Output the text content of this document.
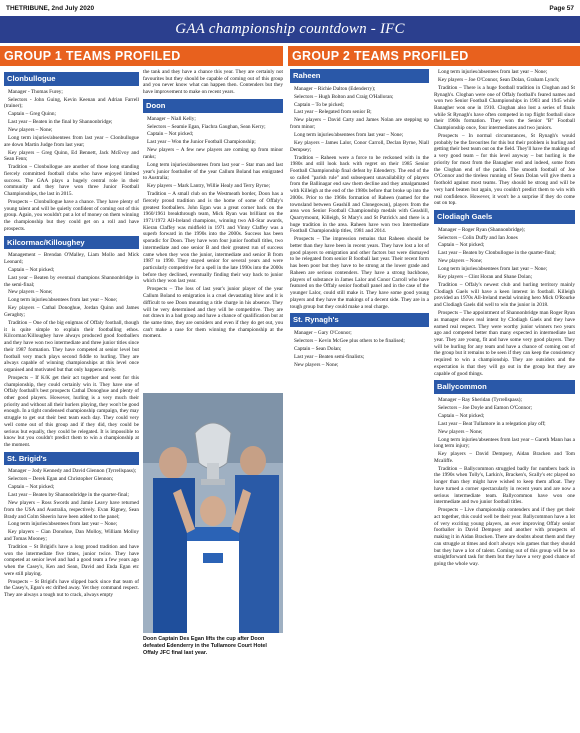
THETRIBUNE, 2nd July 2020	Page 57
GAA championship countdown - IFC
GROUP 1 TEAMS PROFILED	GROUP 2 TEAMS PROFILED
Clonbullogue

Manager - Thomas Furey;

Selectors - John Guing, Kevin Keenan and Adrian Farrell (trainer);

Captain – Greg Quinn;

Last year – Beaten in the final by Shannonbridge;

New players – None;

Long term injuries/absentees from last year – Clonbullogue are down Martin Judge from last year;

Key players – Greg Quinn, Ed Bennett, Jack McEvoy and Sean Fenn;

Tradition – Clonbullogue are another of those long standing fiercely committed football clubs who have enjoyed limited success. The GAA plays a hugely central role in their community and they have won three Junior Football Championships, the last in 2015.

Prospects – Clonbullogue have a chance. They have plenty of young talent and will be quietly confident of coming out of this group. Again, you wouldn't put a lot of money on them winning the championship but they could get on a roll and have prospects.

Kilcormac/Killoughey

Management – Brendan O'Malley, Liam Mollo and Mick Leonard;

Captain – Not picked;

Last year – Beaten by eventual champions Shannonbridge in the semi-final;

New players – None;

Long term injuries/absentees from last year – None;

Key players – Cathal Donoghue, Jordan Quinn and James Geraghty;

Tradition – One of the big enigmas of Offaly football, though it is quite simple to explain their footballing ethos. Kilcormac/Killoughey have always produced good footballers and they have won two intermediate and three junior titles since their 1987 formation. They have competed at senior level but football very much plays second fiddle to hurling. They are always capable of winning championships at this level once organised and motivated but that only happens rarely.

Prospects – If K/K get their act together and went for this championship, they could certainly win it. They have one of Offaly football's best prospects Cathal Donoghue and plenty of other good players. However, hurling is a very much their priority and without all their hurlers playing, they won't be good enough. In a tight condensed championship campaign, they may struggle to get out their best team each day. They could very well come out of this group and if they did, they could be serious but equally, they could be relegated. It is impossible to know but you couldn't predict them to win a championship at the moment.

St. Brigid's

Manager – Jody Kennedy and David Glennon (Tyrrellspass);

Selectors – Derek Egan and Christopher Glennon;

Captain – Not picked;

Last year – Beaten by Shannonbridge in the quarter-final;

New players – Ross Swords and Jamie Leavy have returned from the USA and Australia, respectively. Evan Rigney, Sean Brady and Colm Sheerin have been added to the panel;

Long term injuries/absentees from last year – None;

Key players – Cian Donohue, Dan Molloy, William Molloy and Tomas Mooney;

Tradition – St Brigid's have a long proud tradition and have won the intermediate five times, junior twice. They have competed at senior level and had a good team a few years ago when the Casey's, Ken and Sean, David and Enda Egan etc were still playing.

Prospects – St Brigid's have slipped back since that team of the Casey's, Egan's etc drifted away. Yet they command respect. They are always a tough nut to crack, always empty

the tank and they have a chance this year. They are certainly not favourites but they should be capable of coming out of this group and you never know what can happen then. Contenders but they have improvement to make on recent years.

Doon

Manager – Niall Kelly;

Selectors – Seamie Egan, Fiachra Gaughan, Sean Kerry;

Captain – Not picked;

Last year – Won the Junior Football Championship;

New players – A few new players are coming up from minor ranks;

Long term injuries/absentees from last year – Star man and last year's junior footballer of the year Callum Boland has emigrated to Australia;

Key players – Mark Lantry, Willie Healy and Terry Byrne;

Tradition – A small club on the Westmeath border, Doon has a fiercely proud tradition and is the home of some of Offaly's greatest footballers. John Egan was a great corner back on the 1960/1961 breakthrough team, Mick Ryan was brilliant on the 1971/1972 All-Ireland champions, winning two All-Star awards, Kieran Claffey was midfield in 1971 and Vinny Claffey was a superb forward in the 1990s into the 2000s. Success has been sporadic for Doon. They have won four junior football titles, two intermediate and one senior B and their greatest run of success came when they won the junior, intermediate and senior B from 1987 to 1990. They stayed senior for several years and were particularly competitive for a spell in the late 1990s into the 2000s before they declined, eventually finding their way back to junior which they won last year.

Prospects – The loss of last year's junior player of the year Callum Boland to emigration is a cruel devastating blow and it is difficult to see Doon mounting a title charge in his absence. They will be very determined and they will be competitive. They are not drawn in a bad group and have a chance of qualification but at the same time, they are outsiders and even if they do get out, you can't make a case for them winning the championship at the moment.

Raheen

Manager – Richie Dalton (Edenderry);

Selectors – Hugh Bolton and Craig O'Halloran;

Captain – To be picked;

Last year – Relegated from senior B;

New players – David Carty and James Nolan are stepping up from minor;

Long term injuries/absentees from last year – None;

Key players – James Lalor, Conor Carroll, Declan Byrne, Niall Dempsey;

Tradition – Raheen were a force to be reckoned with in the 1980s and still look back with regret on their 1985 Senior Football Championship final defeat by Edenderry. The end of the so called "parish rule" and subsequent unavailability of players from the Ballinagar end saw them decline and they amalgamated with Killeigh at the end of the 1980s before that broke up into the 2000s. Prior to the 1960s formation of Raheen (named for the townsland between Geashill and Clonegowan), players from the area won Senior Football Championship medals with Geashill, Quarrymount, Killeigh, St Mary's and St Patrick's and there is a huge tradition in the area. Raheen have won two Intermediate Football Championship titles, 1981 and 2014.

Prospects – The impression remains that Raheen should be better than they have been in recent years. They have lost a lot of good players to emigration and other factors but were dismayed to be relegated from senior B football last year. Their recent form has been poor but they have to be strong at the lower grade and Raheen are serious contenders. They have a strong backbone, players of substance in James Lalor and Conor Carroll who have featured on the Offaly senior football panel and in the case of the younger Lalor, could still make it. They have some good young players and they have the makings of a decent side. They are in a tough group but they could make a real charge.

St. Rynagh's

Manager – Gary O'Connor;

Selectors – Kevin McGee plus others to be finalised;

Captain – Sean Dolan;

Last year – Beaten semi-finalists;

New players – None;

Long term injuries/absentees from last year – None;

Key players – Joe O'Connor, Sean Dolan, Graham Lynch;

Tradition – There is a huge football tradition in Cloghan and St Rynagh's. Cloghan were one of Offaly football's feared names and won two Senior Football Championships in 1903 and 1945 while Banagher won one in 1910. Cloghan also lost a series of finals while St Rynagh's have often competed in top flight football since their 1960s formation. They won the Senior "B" Football Championship once, four intermediates and two juniors.

Prospects – In normal circumstances, St Rynagh's would probably be the favourites for this but their problem is hurling and getting their best team out on the field. They'll have the makings of a very good team – for this level anyway – but hurling is the priority for most from the Banagher end and indeed, some from the Cloghan end of the parish. The smooth football of Joe O'Connor and the tireless running of Sean Dolan will give them a foothold against most teams. They should be strong and will be very hard beaten but again, you couldn't predict them to win with real confidence. However, it won't be a surprise if they do come out on top.

Clodiagh Gaels

Manager – Roger Ryan (Shannonbridge);

Selectors – Colin Duffy and Ian Jones

Captain – Not picked;

Last year – Beaten by Clonbullogue in the quarter-final;

New players – None;

Long term injuries/absentees from last year – None;

Key players – Clint Horan and Shane Dolan;

Tradition – Offaly's newest club and hurling territory mainly Clodiagh Gaels will have a keen interest in football. Killeigh provided an 1970s All-Ireland medal winning hero Mick O'Rourke and Clodiagh Gaels did well to win the junior in 2018.

Prospects – The appointment of Shannonbridge man Roger Ryan as manager shows real intent by Clodiagh Gaels and they have earned real respect. They were worthy junior winners two years ago and competed better than many expected in intermediate last year. They are young, fit and have some very good players. They will be hurling for any team and have a chance of coming out of the group but it remains to be seen if they can keep the consistency required to win a championship. They are outsiders and the expectation is that they will go out in the group but they are capable of good things.

Ballycommon

Manager – Ray Sheridan (Tyrrellspass);

Selectors – Joe Doyle and Eamon O'Connor;

Captain – Not picked;

Last year – Beat Tullamore in a relegation play off;

New players – None;

Long term injuries/absentees from last year – Gareth Mann has a long term injury;

Key players – David Dempsey, Aidan Bracken and Tom Mcaliffe.

Tradition – Ballycommon struggled badly for numbers back in the 1990s when Tolly's, Larkin's, Bracken's, Scally's etc played no longer than they might have wished to keep them afloat. They have turned a corner spectacularly in recent years and are now a serious intermediate team. Ballycommon have won one intermediate and two junior football titles.

Prospects – Live championship contenders and if they get their act together, this could well be their year. Ballycommon have a lot of very exciting young players, an ever improving Offaly senior footballer in David Dempsey and another with prospects of making it in Aidan Bracken. There are doubts about them and they can struggle at times and don't always win games that they should but they have a lot of talent. Coming out of this group will be no straightforward task for them but they have a very good chance of going the whole way.

Doon Captain Des Egan lifts the cup after Doon defeated Edenderry in the Tullamore Court Hotel Offaly JFC final last year.
